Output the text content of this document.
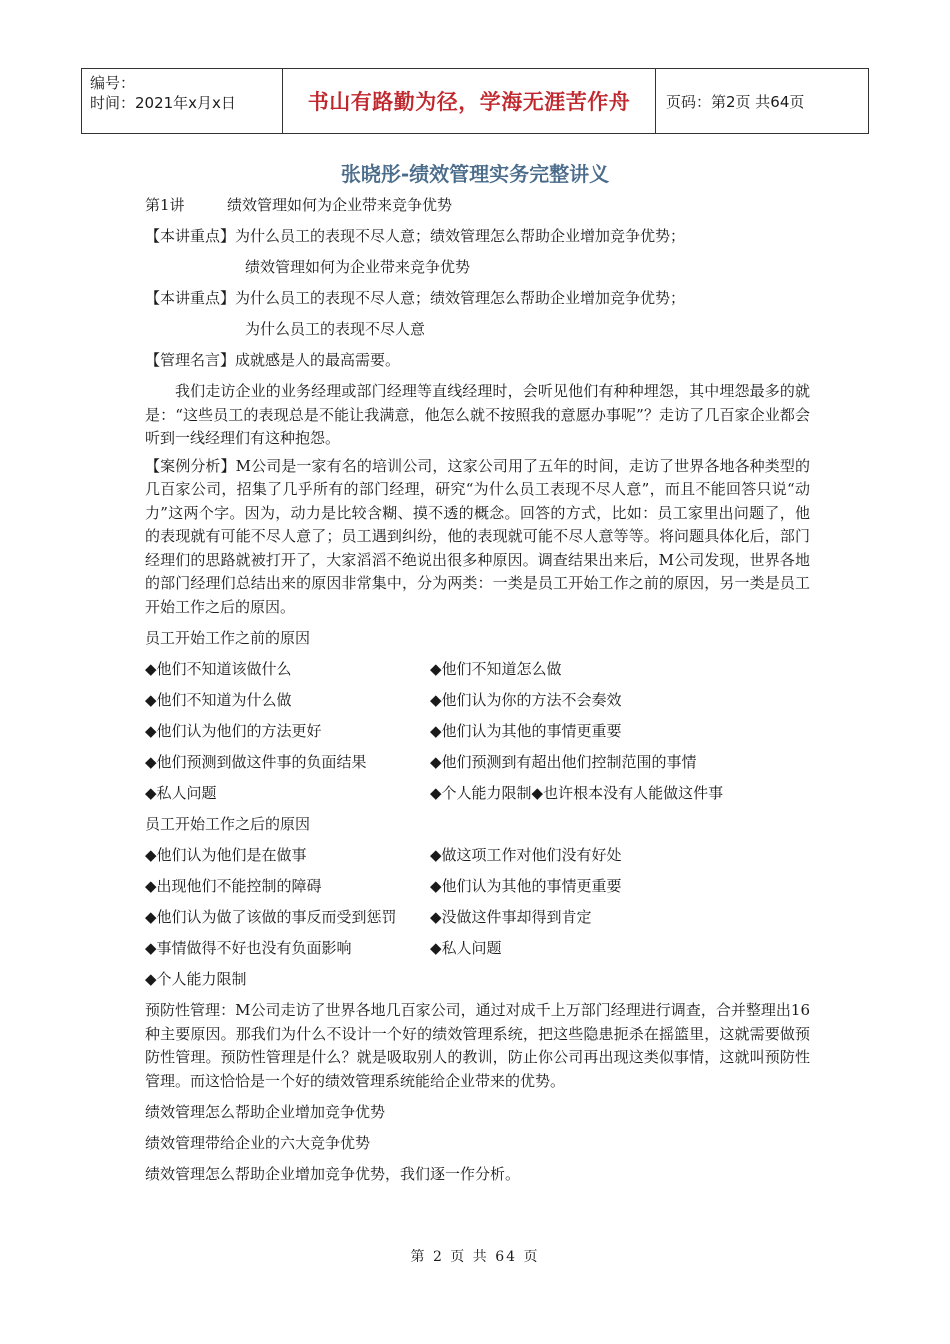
编号：
时间：2021年x月x日	书山有路勤为径，学海无涯苦作舟	页码：第2页 共64页
张晓彤-绩效管理实务完整讲义
第1讲	绩效管理如何为企业带来竞争优势
【本讲重点】为什么员工的表现不尽人意；绩效管理怎么帮助企业增加竞争优势；
绩效管理如何为企业带来竞争优势
【本讲重点】为什么员工的表现不尽人意；绩效管理怎么帮助企业增加竞争优势；
为什么员工的表现不尽人意
【管理名言】成就感是人的最高需要。
我们走访企业的业务经理或部门经理等直线经理时，会听见他们有种种埋怨，其中埋怨最多的就是：“这些员工的表现总是不能让我满意，他怎么就不按照我的意愿办事呢”？走访了几百家企业都会听到一线经理们有这种抱怨。
【案例分析】M公司是一家有名的培训公司，这家公司用了五年的时间，走访了世界各地各种类型的几百家公司，招集了几乎所有的部门经理，研究“为什么员工表现不尽人意”，而且不能回答只说“动力”这两个字。因为，动力是比较含糊、摸不透的概念。回答的方式，比如：员工家里出问题了，他的表现就有可能不尽人意了；员工遇到纠纷，他的表现就可能不尽人意等等。将问题具体化后，部门经理们的思路就被打开了，大家滔滔不绝说出很多种原因。调查结果出来后，M公司发现，世界各地的部门经理们总结出来的原因非常集中，分为两类：一类是员工开始工作之前的原因，另一类是员工开始工作之后的原因。
员工开始工作之前的原因
◆他们不知道该做什么	◆他们不知道怎么做
◆他们不知道为什么做	◆他们认为你的方法不会奏效
◆他们认为他们的方法更好	◆他们认为其他的事情更重要
◆他们预测到做这件事的负面结果	◆他们预测到有超出他们控制范围的事情
◆私人问题	◆个人能力限制◆也许根本没有人能做这件事
员工开始工作之后的原因
◆他们认为他们是在做事	◆做这项工作对他们没有好处
◆出现他们不能控制的障碍	◆他们认为其他的事情更重要
◆他们认为做了该做的事反而受到惩罚	◆没做这件事却得到肯定
◆事情做得不好也没有负面影响	◆私人问题
◆个人能力限制
预防性管理：M公司走访了世界各地几百家公司，通过对成千上万部门经理进行调查，合并整理出16种主要原因。那我们为什么不设计一个好的绩效管理系统，把这些隐患扼杀在摇篮里，这就需要做预防性管理。预防性管理是什么？就是吸取别人的教训，防止你公司再出现这类似事情，这就叫预防性管理。而这恰恰是一个好的绩效管理系统能给企业带来的优势。
绩效管理怎么帮助企业增加竞争优势
绩效管理带给企业的六大竞争优势
绩效管理怎么帮助企业增加竞争优势，我们逐一作分析。
第 2 页 共 64 页
